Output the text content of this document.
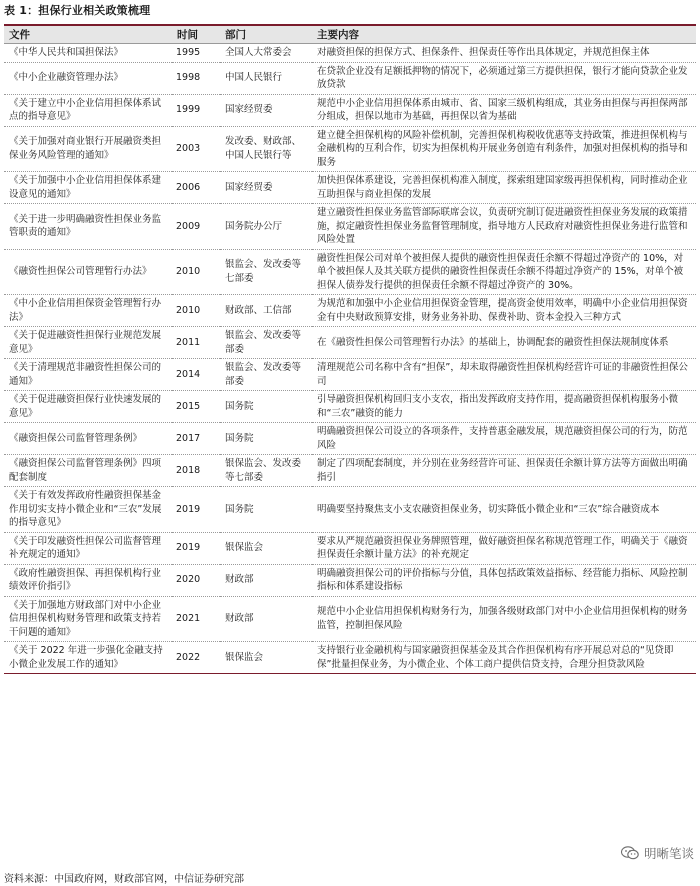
表 1：担保行业相关政策梳理
文件	时间	部门	主要内容
《中华人民共和国担保法》	1995	全国人大常委会	对融资担保的担保方式、担保条件、担保责任等作出具体规定，并规范担保主体
《中小企业融资管理办法》	1998	中国人民银行	在贷款企业没有足额抵押物的情况下，必须通过第三方提供担保，银行才能向贷款企业发放贷款
《关于建立中小企业信用担保体系试点的指导意见》	1999	国家经贸委	规范中小企业信用担保体系由城市、省、国家三级机构组成，其业务由担保与再担保两部分组成，担保以地市为基础，再担保以省为基础
《关于加强对商业银行开展融资类担保业务风险管理的通知》	2003	发改委、财政部、中国人民银行等	建立健全担保机构的风险补偿机制，完善担保机构税收优惠等支持政策，推进担保机构与金融机构的互利合作，切实为担保机构开展业务创造有利条件，加强对担保机构的指导和服务
《关于加强中小企业信用担保体系建设意见的通知》	2006	国家经贸委	加快担保体系建设，完善担保机构准入制度，探索组建国家级再担保机构，同时推动企业互助担保与商业担保的发展
《关于进一步明确融资性担保业务监管职责的通知》	2009	国务院办公厅	建立融资性担保业务监管部际联席会议，负责研究制订促进融资性担保业务发展的政策措施，拟定融资性担保业务监督管理制度，指导地方人民政府对融资性担保业务进行监管和风险处置
《融资性担保公司管理暂行办法》	2010	银监会、发改委等七部委	融资性担保公司对单个被担保人提供的融资性担保责任余额不得超过净资产的 10%，对单个被担保人及其关联方提供的融资性担保责任余额不得超过净资产的 15%，对单个被担保人债券发行提供的担保责任余额不得超过净资产的 30%。
《中小企业信用担保资金管理暂行办法》	2010	财政部、工信部	为规范和加强中小企业信用担保资金管理，提高资金使用效率，明确中小企业信用担保资金有中央财政预算安排，财务业务补助、保费补助、资本金投入三种方式
《关于促进融资性担保行业规范发展意见》	2011	银监会、发改委等部委	在《融资性担保公司管理暂行办法》的基础上，协调配套的融资性担保法规制度体系
《关于清理规范非融资性担保公司的通知》	2014	银监会、发改委等部委	清理规范公司名称中含有“担保”，却未取得融资性担保机构经营许可证的非融资性担保公司
《关于促进融资担保行业快速发展的意见》	2015	国务院	引导融资担保机构回归支小支农，指出发挥政府支持作用，提高融资担保机构服务小微和“三农”融资的能力
《融资担保公司监督管理条例》	2017	国务院	明确融资担保公司设立的各项条件，支持普惠金融发展，规范融资担保公司的行为，防范风险
《融资担保公司监督管理条例》四项配套制度	2018	银保监会、发改委等七部委	制定了四项配套制度，并分别在业务经营许可证、担保责任余额计算方法等方面做出明确指引
《关于有效发挥政府性融资担保基金作用切实支持小微企业和“三农”发展的指导意见》	2019	国务院	明确要坚持聚焦支小支农融资担保业务，切实降低小微企业和“三农”综合融资成本
《关于印发融资性担保公司监督管理补充规定的通知》	2019	银保监会	要求从严规范融资担保业务牌照管理，做好融资担保名称规范管理工作，明确关于《融资担保责任余额计量方法》的补充规定
《政府性融资担保、再担保机构行业绩效评价指引》	2020	财政部	明确融资担保公司的评价指标与分值，具体包括政策效益指标、经营能力指标、风险控制指标和体系建设指标
《关于加强地方财政部门对中小企业信用担保机构财务管理和政策支持若干问题的通知》	2021	财政部	规范中小企业信用担保机构财务行为，加强各级财政部门对中小企业信用担保机构的财务监管，控制担保风险
《关于 2022 年进一步强化金融支持小微企业发展工作的通知》	2022	银保监会	支持银行业金融机构与国家融资担保基金及其合作担保机构有序开展总对总的“见贷即保”批量担保业务，为小微企业、个体工商户提供信贷支持，合理分担贷款风险
资料来源：中国政府网，财政部官网，中信证券研究部
明晰笔谈
